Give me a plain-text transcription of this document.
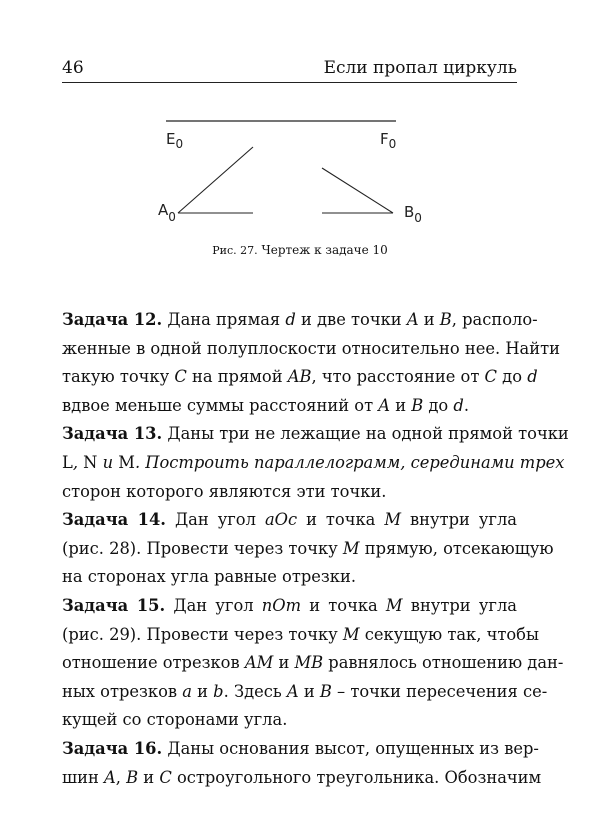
46	Если пропал циркуль
$E_0$	$F_0$
$A_0$	$B_0$
Рис. 27. Чертеж к задаче 10
Задача 12. Дана прямая d и две точки A и B, располо-
женные в одной полуплоскости относительно нее. Найти
такую точку C на прямой AB, что расстояние от C до d
вдвое меньше суммы расстояний от A и B до d.
Задача 13. Даны три не лежащие на одной прямой точки
L, N и M. Построить параллелограмм, серединами трех
сторон которого являются эти точки.
Задача 14. Дан угол aOc и точка M внутри угла
(рис. 28). Провести через точку M прямую, отсекающую
на сторонах угла равные отрезки.
Задача 15. Дан угол nOm и точка M внутри угла
(рис. 29). Провести через точку M секущую так, чтобы
отношение отрезков AM и MB равнялось отношению дан-
ных отрезков a и b. Здесь A и B – точки пересечения се-
кущей со сторонами угла.
Задача 16. Даны основания высот, опущенных из вер-
шин A, B и C остроугольного треугольника. Обозначим
